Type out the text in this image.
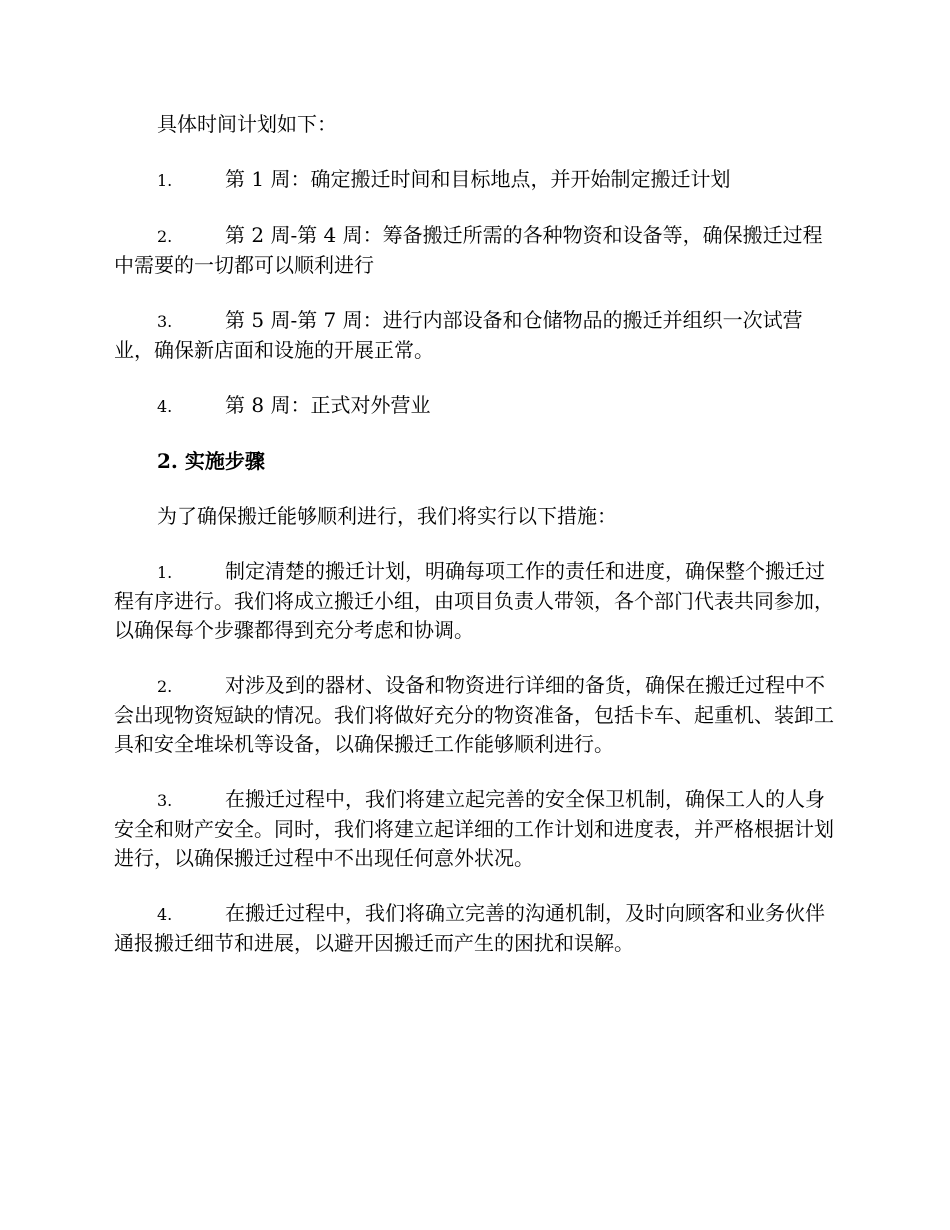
具体时间计划如下：

1.	第 1 周：确定搬迁时间和目标地点，并开始制定搬迁计划

2.	第 2 周-第 4 周：筹备搬迁所需的各种物资和设备等，确保搬迁过程中需要的一切都可以顺利进行

3.	第 5 周-第 7 周：进行内部设备和仓储物品的搬迁并组织一次试营业，确保新店面和设施的开展正常。

4.	第 8 周：正式对外营业

2. 实施步骤

为了确保搬迁能够顺利进行，我们将实行以下措施：

1.	制定清楚的搬迁计划，明确每项工作的责任和进度，确保整个搬迁过程有序进行。我们将成立搬迁小组，由项目负责人带领，各个部门代表共同参加，以确保每个步骤都得到充分考虑和协调。

2.	对涉及到的器材、设备和物资进行详细的备货，确保在搬迁过程中不会出现物资短缺的情况。我们将做好充分的物资准备，包括卡车、起重机、装卸工具和安全堆垛机等设备，以确保搬迁工作能够顺利进行。

3.	在搬迁过程中，我们将建立起完善的安全保卫机制，确保工人的人身安全和财产安全。同时，我们将建立起详细的工作计划和进度表，并严格根据计划进行，以确保搬迁过程中不出现任何意外状况。

4.	在搬迁过程中，我们将确立完善的沟通机制，及时向顾客和业务伙伴通报搬迁细节和进展，以避开因搬迁而产生的困扰和误解。
